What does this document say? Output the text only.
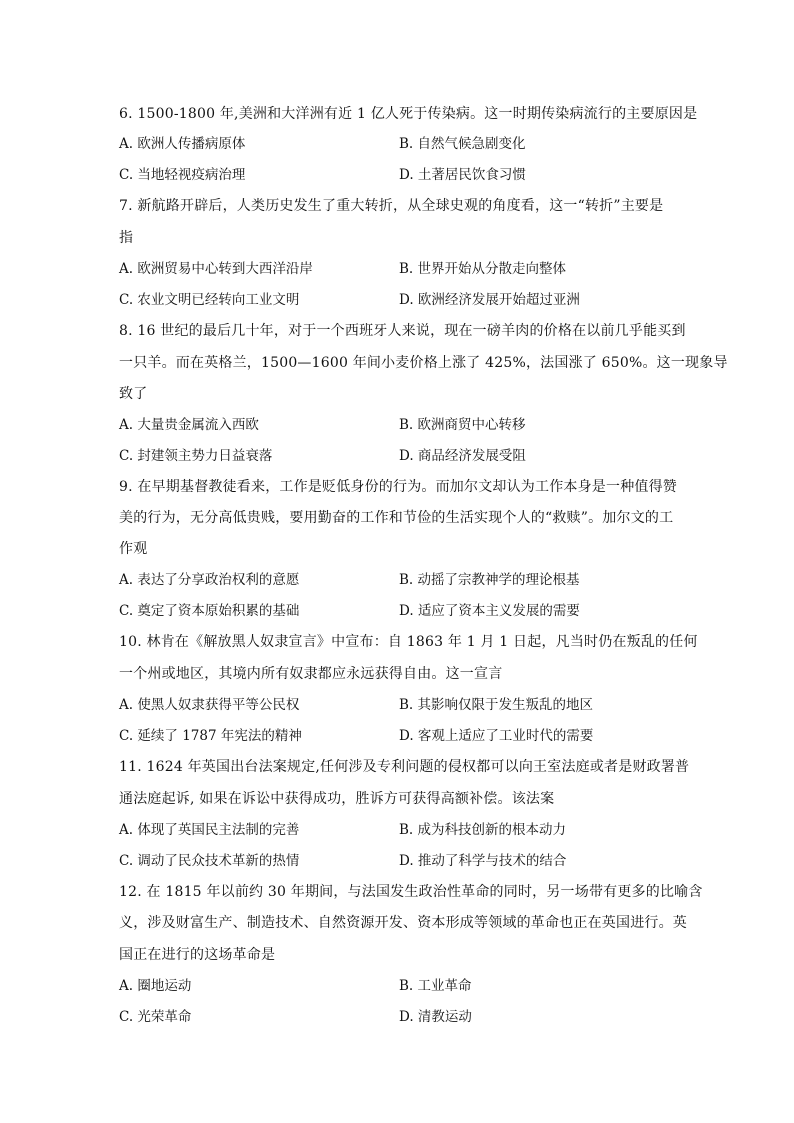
6. 1500-1800 年,美洲和大洋洲有近 1 亿人死于传染病。这一时期传染病流行的主要原因是
A. 欧洲人传播病原体	B. 自然气候急剧变化
C. 当地轻视疫病治理	D. 土著居民饮食习惯
7. 新航路开辟后，人类历史发生了重大转折，从全球史观的角度看，这一“转折”主要是
指
A. 欧洲贸易中心转到大西洋沿岸	B. 世界开始从分散走向整体
C. 农业文明已经转向工业文明	D. 欧洲经济发展开始超过亚洲
8. 16 世纪的最后几十年，对于一个西班牙人来说，现在一磅羊肉的价格在以前几乎能买到
一只羊。而在英格兰，1500—1600 年间小麦价格上涨了 425%，法国涨了 650%。这一现象导
致了
A. 大量贵金属流入西欧	B. 欧洲商贸中心转移
C. 封建领主势力日益衰落	D. 商品经济发展受阻
9. 在早期基督教徒看来，工作是贬低身份的行为。而加尔文却认为工作本身是一种值得赞
美的行为，无分高低贵贱，要用勤奋的工作和节俭的生活实现个人的“救赎”。加尔文的工
作观
A. 表达了分享政治权利的意愿	B. 动摇了宗教神学的理论根基
C. 奠定了资本原始积累的基础	D. 适应了资本主义发展的需要
10. 林肯在《解放黑人奴隶宣言》中宣布：自 1863 年 1 月 1 日起，凡当时仍在叛乱的任何
一个州或地区，其境内所有奴隶都应永远获得自由。这一宣言
A. 使黑人奴隶获得平等公民权	B. 其影响仅限于发生叛乱的地区
C. 延续了 1787 年宪法的精神	D. 客观上适应了工业时代的需要
11. 1624 年英国出台法案规定,任何涉及专利问题的侵权都可以向王室法庭或者是财政署普
通法庭起诉, 如果在诉讼中获得成功，胜诉方可获得高额补偿。该法案
A. 体现了英国民主法制的完善	B. 成为科技创新的根本动力
C. 调动了民众技术革新的热情	D. 推动了科学与技术的结合
12. 在 1815 年以前约 30 年期间，与法国发生政治性革命的同时，另一场带有更多的比喻含
义，涉及财富生产、制造技术、自然资源开发、资本形成等领域的革命也正在英国进行。英
国正在进行的这场革命是
A. 圈地运动	B. 工业革命
C. 光荣革命	D. 清教运动
